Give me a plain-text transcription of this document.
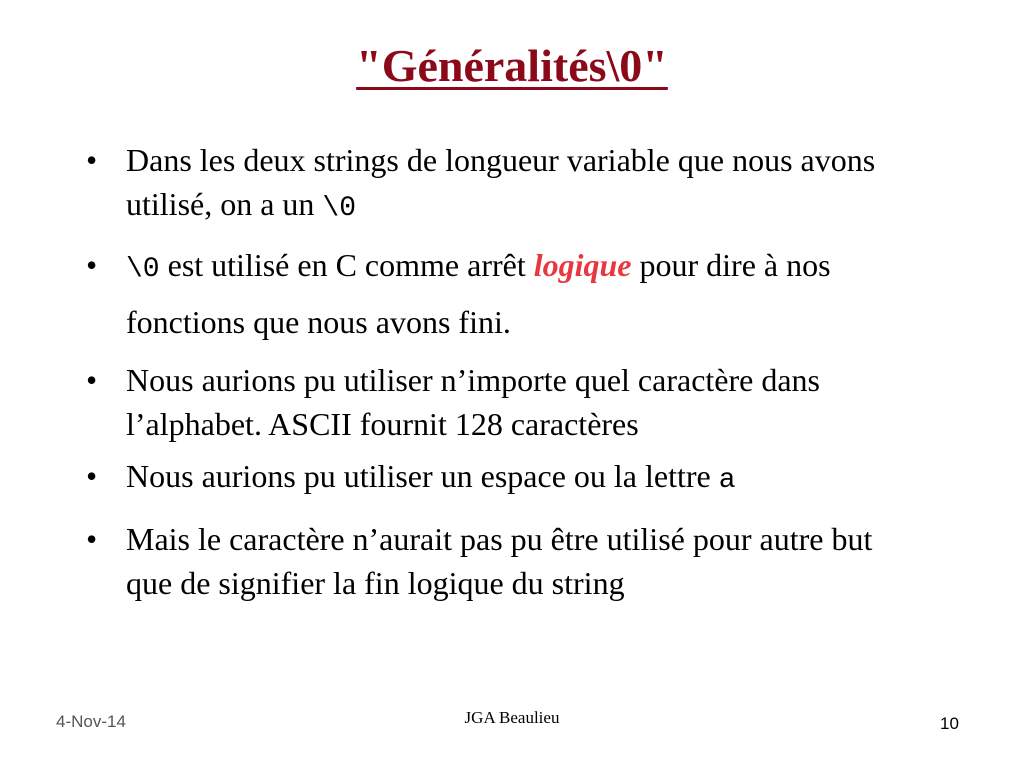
"Généralités\0"
• Dans les deux strings de longueur variable que nous avons utilisé, on a un \0
• \0 est utilisé en C comme arrêt logique pour dire à nos fonctions que nous avons fini.
• Nous aurions pu utiliser n’importe quel caractère dans l’alphabet. ASCII fournit 128 caractères
• Nous aurions pu utiliser un espace ou la lettre a
• Mais le caractère n’aurait pas pu être utilisé pour autre but que de signifier la fin logique du string
4-Nov-14	JGA Beaulieu	10
